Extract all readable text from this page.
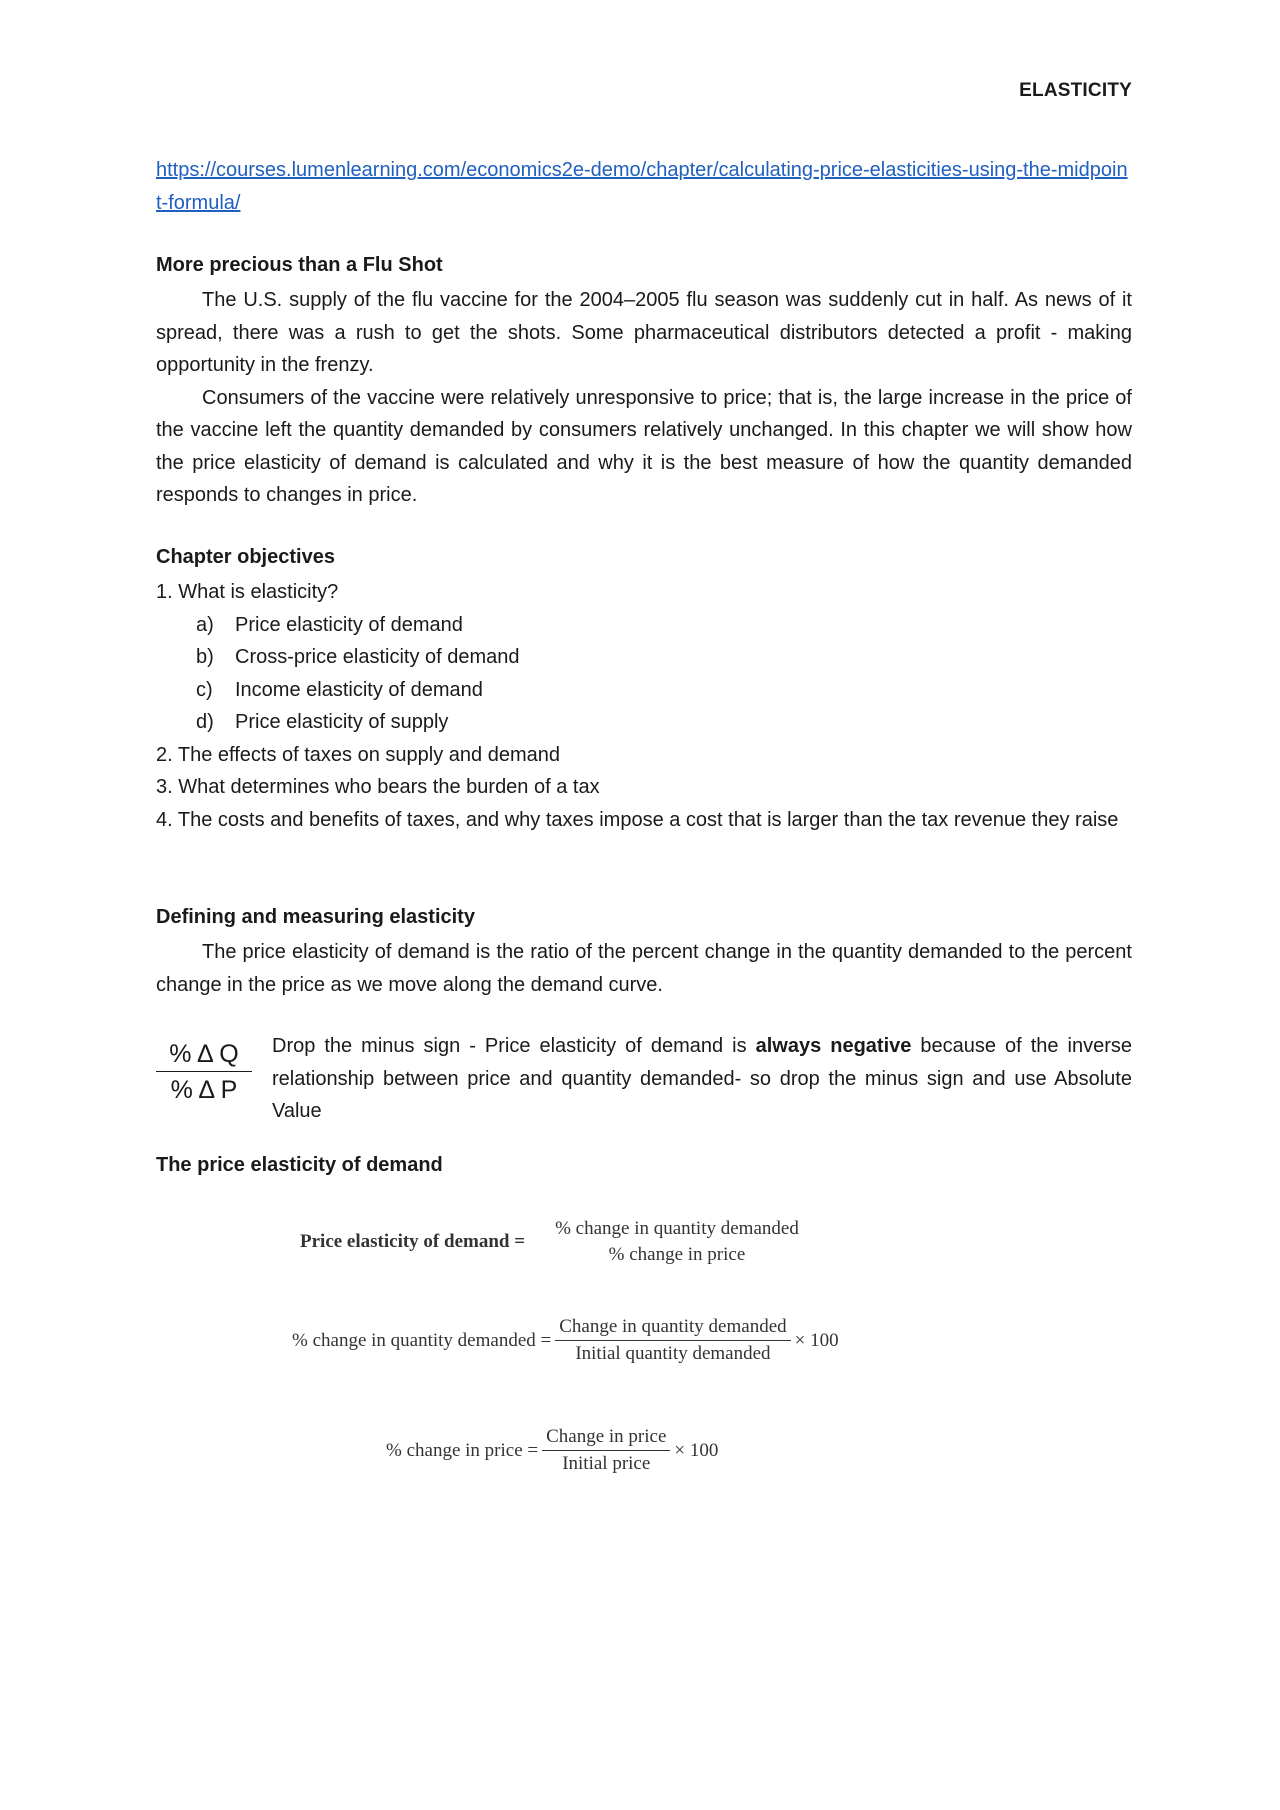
ELASTICITY
https://courses.lumenlearning.com/economics2e-demo/chapter/calculating-price-elasticities-using-the-midpoint-formula/
More precious than a Flu Shot

The U.S. supply of the flu vaccine for the 2004–2005 flu season was suddenly cut in half. As news of it spread, there was a rush to get the shots. Some pharmaceutical distributors detected a profit - making opportunity in the frenzy.

Consumers of the vaccine were relatively unresponsive to price; that is, the large increase in the price of the vaccine left the quantity demanded by consumers relatively unchanged. In this chapter we will show how the price elasticity of demand is calculated and why it is the best measure of how the quantity demanded responds to changes in price.

Chapter objectives
1. What is elasticity?
a)	Price elasticity of demand
b)	Cross-price elasticity of demand
c)	Income elasticity of demand
d)	Price elasticity of supply
2. The effects of taxes on supply and demand
3. What determines who bears the burden of a tax
4. The costs and benefits of taxes, and why taxes impose a cost that is larger than the tax revenue they raise
Defining and measuring elasticity

The price elasticity of demand is the ratio of the percent change in the quantity demanded to the percent change in the price as we move along the demand curve.

$\frac{\text{\% Δ Q}}{\text{\% Δ P}}$ Drop the minus sign - Price elasticity of demand is always negative because of the inverse relationship between price and quantity demanded- so drop the minus sign and use Absolute Value
The price elasticity of demand
Price elasticity of demand =
% change in quantity demanded
% change in price
% change in quantity demanded = $\frac{\text{Change in quantity demanded}}{\text{Initial quantity demanded}} \times 100$
% change in price = $\frac{\text{Change in price}}{\text{Initial price}} \times 100$
